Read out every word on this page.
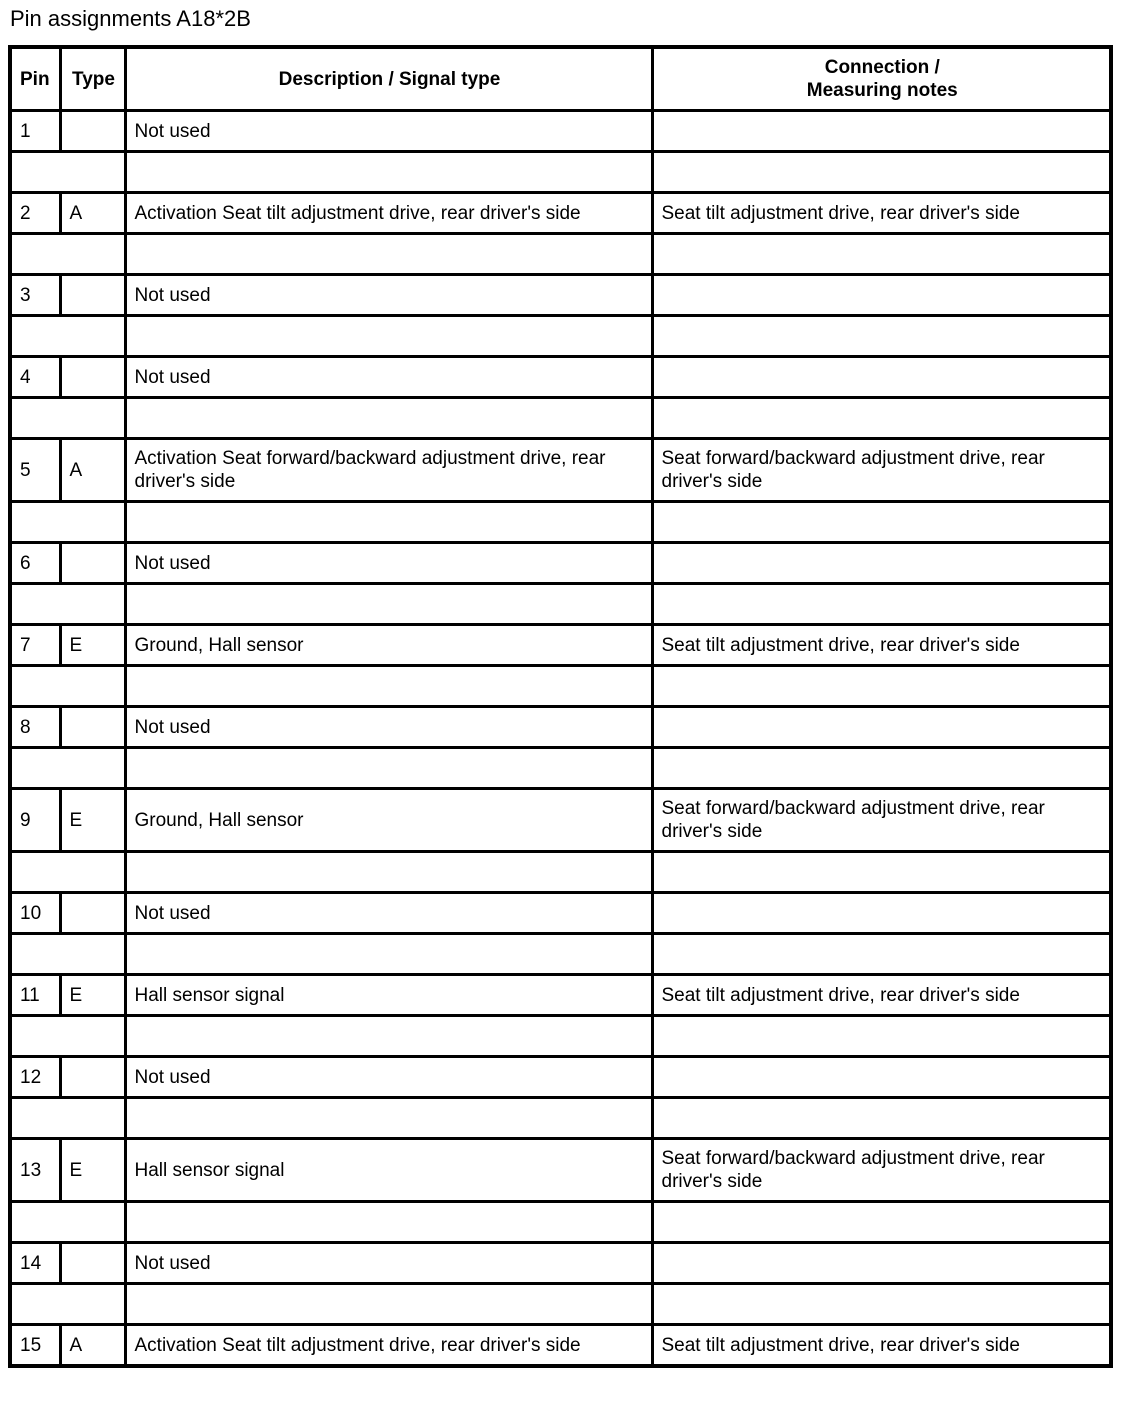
Pin assignments A18*2B
Pin	Type	Description / Signal type	Connection /
Measuring notes
1		Not used	

2	A	Activation Seat tilt adjustment drive, rear driver's side	Seat tilt adjustment drive, rear driver's side

3		Not used	

4		Not used	

5	A	Activation Seat forward/backward adjustment drive, rear driver's side	Seat forward/backward adjustment drive, rear driver's side

6		Not used	

7	E	Ground, Hall sensor	Seat tilt adjustment drive, rear driver's side

8		Not used	

9	E	Ground, Hall sensor	Seat forward/backward adjustment drive, rear driver's side

10		Not used	

11	E	Hall sensor signal	Seat tilt adjustment drive, rear driver's side

12		Not used	

13	E	Hall sensor signal	Seat forward/backward adjustment drive, rear driver's side

14		Not used	

15	A	Activation Seat tilt adjustment drive, rear driver's side	Seat tilt adjustment drive, rear driver's side
